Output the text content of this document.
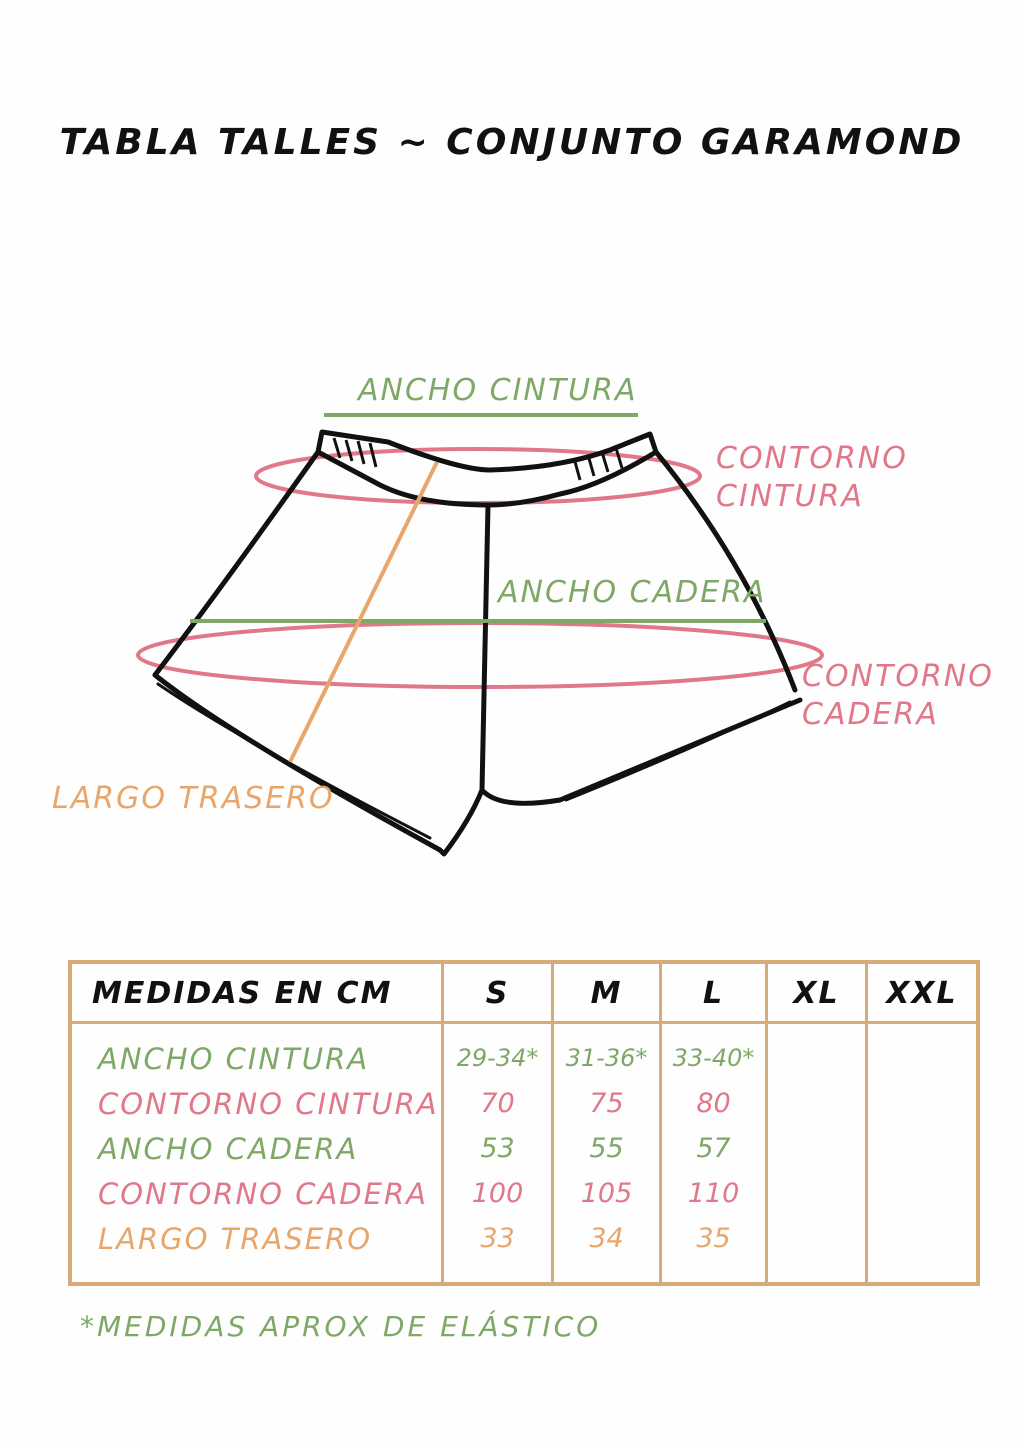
TABLA TALLES ~ CONJUNTO GARAMOND
ANCHO CINTURA
CONTORNO
CINTURA
ANCHO CADERA
CONTORNO
CADERA
LARGO TRASERO
MEDIDAS EN CM	S	M	L	XL	XXL
ANCHO CINTURA	29-34*	31-36*	33-40*
CONTORNO CINTURA	70	75	80
ANCHO CADERA	53	55	57
CONTORNO CADERA	100	105	110
LARGO TRASERO	33	34	35
*MEDIDAS APROX DE ELÁSTICO
